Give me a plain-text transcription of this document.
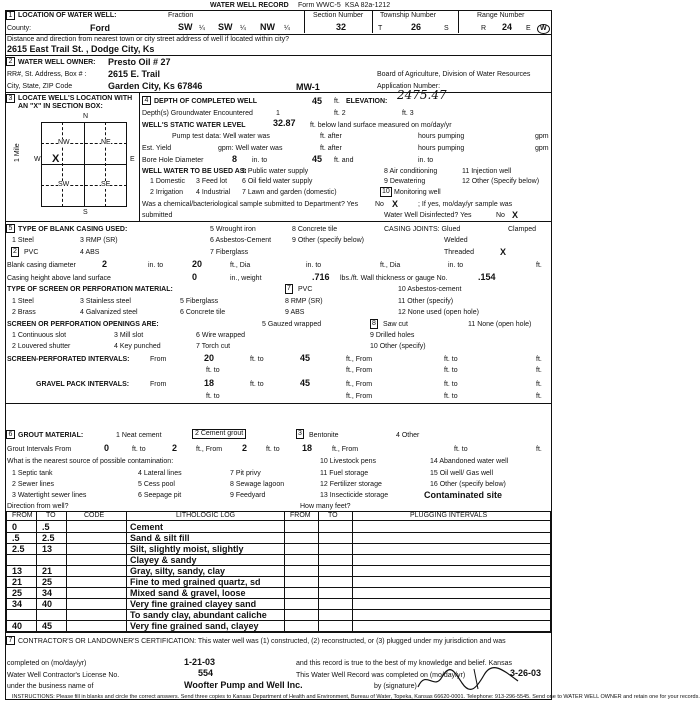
WATER WELL RECORD Form WWC-5 KSA 82a-1212
1 LOCATION OF WATER WELL:
County:	Ford
Fraction
SW ¼ SW ¼ NW ¼
Section Number
32
Township Number
T	26	S
Range Number
R 24 E	W
Distance and direction from nearest town or city street address of well if located within city?
2615 East Trail St. , Dodge City, Ks
2 WATER WELL OWNER: Presto Oil # 27
RR#, St. Address, Box # : 2615 E. Trail
City, State, ZIP Code	Garden City, Ks 67846
Board of Agriculture, Division of Water Resources
MW-1	Application Number:
3 LOCATE WELL'S LOCATION WITH AN "X" IN SECTION BOX:
N
S
E
W
NW	NE
SW	SE
X
1 Mile
4 DEPTH OF COMPLETED WELL	45 ft. ELEVATION: 2475.47
Depth(s) Groundwater Encountered	1	ft. 2	ft. 3
WELL'S STATIC WATER LEVEL	32.87 ft. below land surface measured on mo/day/yr
Pump test data: Well water was	ft. after	hours pumping	gpm
Est. Yield	gpm: Well water was	ft. after	hours pumping	gpm
Bore Hole Diameter	8 in. to	45 ft. and	in. to
WELL WATER TO BE USED AS:
5 Public water supply	8 Air conditioning	11 Injection well
1 Domestic 3 Feed lot 6 Oil field water supply	9 Dewatering	12 Other (Specify below)
2 Irrigation 4 Industrial 7 Lawn and garden (domestic)	10 Monitoring well
Was a chemical/bacteriological sample submitted to Department? Yes No X	; If yes, mo/day/yr sample was
submitted	Water Well Disinfected? Yes	No X
5 TYPE OF BLANK CASING USED:
1 Steel	3 RMP (SR)
5 Wrought iron	8 Concrete tile
2 PVC	4 ABS
6 Asbestos-Cement	9 Other (specify below)
7 Fiberglass
CASING JOINTS: Glued	Clamped
Welded
Threaded	X
Blank casing diameter	2	in. to	20	ft., Dia	in. to	ft., Dia	in. to	ft.
Casing height above land surface	0	in., weight	.716 lbs./ft. Wall thickness or gauge No.	.154
TYPE OF SCREEN OR PERFORATION MATERIAL:	7 PVC	10 Asbestos-cement
1 Steel	3 Stainless steel	5 Fiberglass	8 RMP (SR)	11 Other (specify)
2 Brass	4 Galvanized steel	6 Concrete tile	9 ABS	12 None used (open hole)
SCREEN OR PERFORATION OPENINGS ARE:	5 Gauzed wrapped	8 Saw cut	11 None (open hole)
1 Continuous slot	3 Mill slot	6 Wire wrapped	9 Drilled holes
2 Louvered shutter	4 Key punched	7 Torch cut	10 Other (specify)
SCREEN-PERFORATED INTERVALS:	From	20	ft. to	45	ft., From	ft. to	ft.
ft. to	ft., From	ft. to	ft.
GRAVEL PACK INTERVALS:	From	18	ft. to	45	ft., From	ft. to	ft.
ft. to	ft., From	ft. to	ft.
6 GROUT MATERIAL:	1 Neat cement	2 Cement grout	3 Bentonite	4 Other
Grout Intervals From	0	ft. to	2	ft., From 2	ft. to 18	ft., From	ft. to	ft.
What is the nearest source of possible contamination:
1 Septic tank	4 Lateral lines	7 Pit privy
10 Livestock pens	14 Abandoned water well
2 Sewer lines	5 Cess pool	8 Sewage lagoon
11 Fuel storage	15 Oil well/ Gas well
3 Watertight sewer lines	6 Seepage pit	9 Feedyard
12 Fertilizer storage	16 Other (specify below)
13 Insecticide storage	Contaminated site
Direction from well?	How many feet?
FROM TO	CODE	LITHOLOGIC LOG	FROM TO	PLUGGING INTERVALS
0	.5	Cement
.5 2.5	Sand & silt fill
2.5 13	Silt, slightly moist, slightly
Clayey & sandy
13 21	Gray, silty, sandy, clay
21 25	Fine to med grained quartz, sd
25 34	Mixed sand & gravel, loose
34 40	Very fine grained clayey sand
To sandy clay, abundant caliche
40 45	Very fine grained sand, clayey
7 CONTRACTOR'S OR LANDOWNER'S CERTIFICATION: This water well was (1) constructed, (2) reconstructed, or (3) plugged under my jurisdiction and was
completed on (mo/day/yr)	1-21-03	and this record is true to the best of my knowledge and belief. Kansas
Water Well Contractor's License No.	554	This Water Well Record was completed on (mo/day/yr)	3-26-03
under the business name of	Woofter Pump and Well Inc.	by (signature)
INSTRUCTIONS: Please fill in blanks and circle the correct answers. Send three copies to Kansas Department of Health and Environment, Bureau of Water, Topeka, Kansas 66620-0001. Telephone: 913-296-5545. Send one to WATER WELL OWNER and retain one for your records.
